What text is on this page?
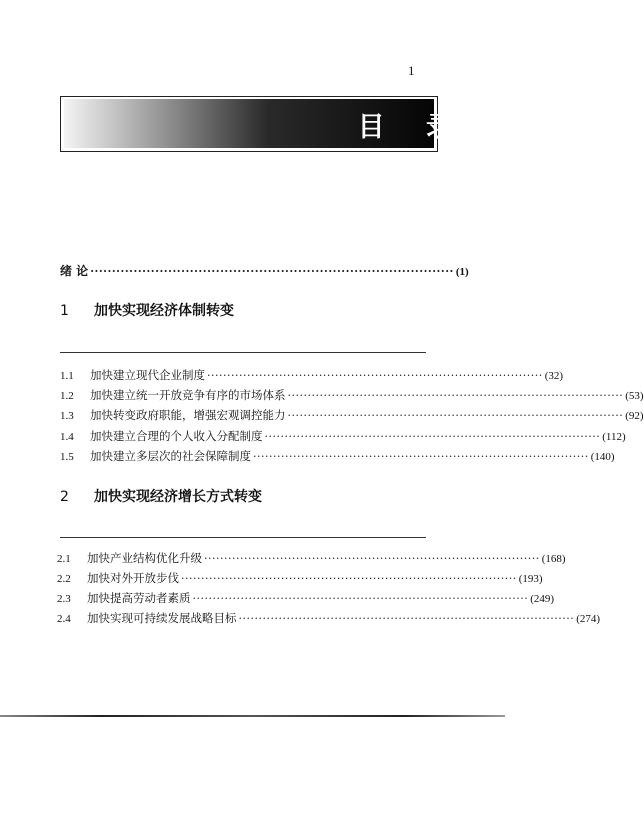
1
目 录
绪 论 ···················································································· (1)
1 加快实现经济体制转变
1.1	加快建立现代企业制度 ···················································································· (32)
1.2	加快建立统一开放竞争有序的市场体系 ···················································································· (53)
1.3	加快转变政府职能，增强宏观调控能力 ···················································································· (92)
1.4	加快建立合理的个人收入分配制度 ···················································································· (112)
1.5	加快建立多层次的社会保障制度 ···················································································· (140)
2 加快实现经济增长方式转变
2.1	加快产业结构优化升级 ···················································································· (168)
2.2	加快对外开放步伐 ···················································································· (193)
2.3	加快提高劳动者素质 ···················································································· (249)
2.4	加快实现可持续发展战略目标 ···················································································· (274)
